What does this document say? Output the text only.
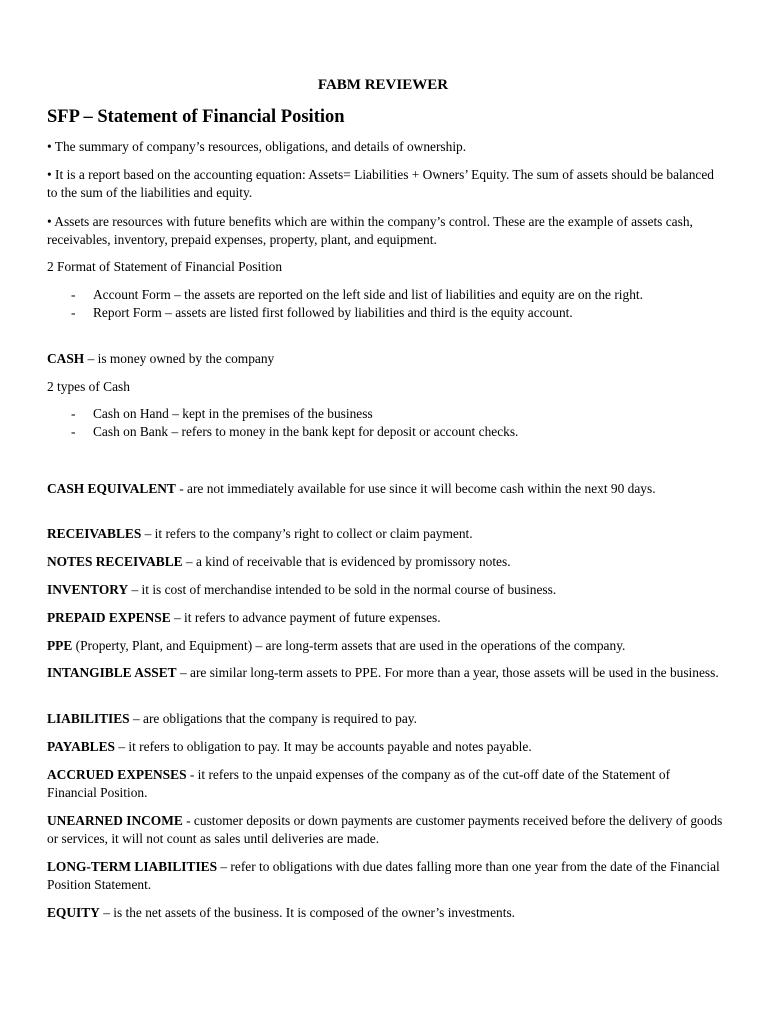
FABM REVIEWER
SFP – Statement of Financial Position

• The summary of company’s resources, obligations, and details of ownership.

• It is a report based on the accounting equation: Assets= Liabilities + Owners’ Equity. The sum of assets should be balanced to the sum of the liabilities and equity.

• Assets are resources with future benefits which are within the company’s control. These are the example of assets cash, receivables, inventory, prepaid expenses, property, plant, and equipment.

2 Format of Statement of Financial Position

- Account Form – the assets are reported on the left side and list of liabilities and equity are on the right.
- Report Form – assets are listed first followed by liabilities and third is the equity account.

CASH – is money owned by the company

2 types of Cash

- Cash on Hand – kept in the premises of the business
- Cash on Bank – refers to money in the bank kept for deposit or account checks.

CASH EQUIVALENT - are not immediately available for use since it will become cash within the next 90 days.

RECEIVABLES – it refers to the company’s right to collect or claim payment.

NOTES RECEIVABLE – a kind of receivable that is evidenced by promissory notes.

INVENTORY – it is cost of merchandise intended to be sold in the normal course of business.

PREPAID EXPENSE – it refers to advance payment of future expenses.

PPE (Property, Plant, and Equipment) – are long-term assets that are used in the operations of the company.

INTANGIBLE ASSET – are similar long-term assets to PPE. For more than a year, those assets will be used in the business.

LIABILITIES – are obligations that the company is required to pay.

PAYABLES – it refers to obligation to pay. It may be accounts payable and notes payable.

ACCRUED EXPENSES - it refers to the unpaid expenses of the company as of the cut-off date of the Statement of Financial Position.

UNEARNED INCOME - customer deposits or down payments are customer payments received before the delivery of goods or services, it will not count as sales until deliveries are made.

LONG-TERM LIABILITIES – refer to obligations with due dates falling more than one year from the date of the Financial Position Statement.

EQUITY – is the net assets of the business. It is composed of the owner’s investments.
